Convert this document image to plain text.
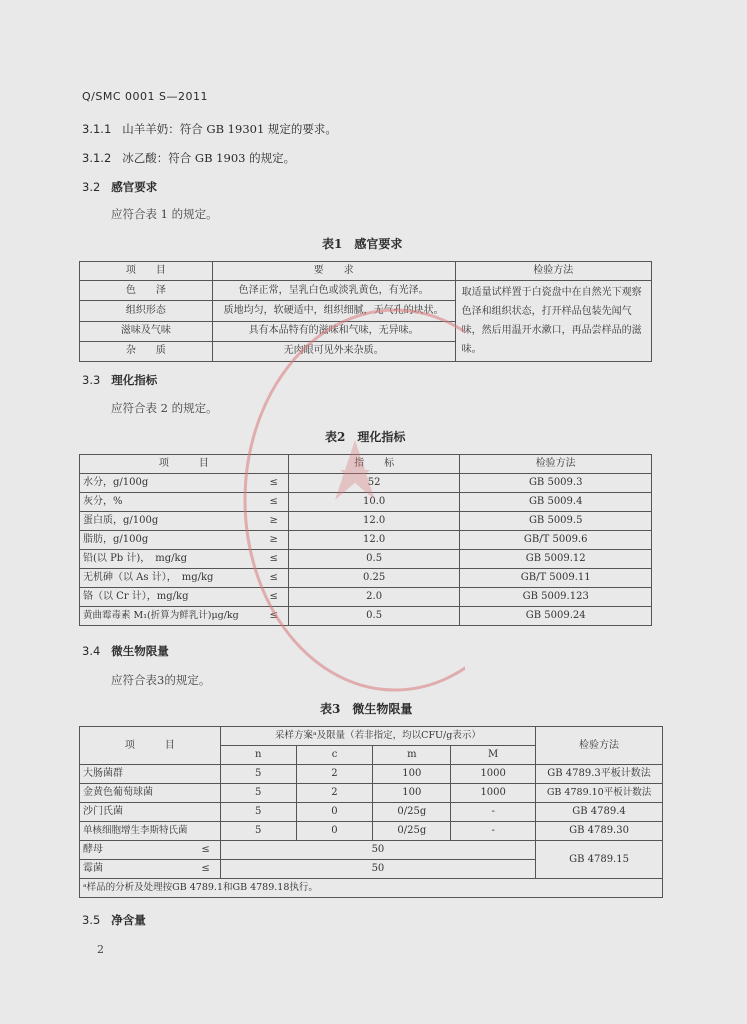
Q/SMC 0001 S—2011
3.1.1 山羊羊奶：符合 GB 19301 规定的要求。
3.1.2 冰乙酸：符合 GB 1903 的规定。
3.2 感官要求
应符合表 1 的规定。
表1　感官要求
项　　目	要　　求	检验方法
色　　泽	色泽正常，呈乳白色或淡乳黄色，有光泽。	取适量试样置于白瓷盘中在自然光下观察色泽和组织状态，打开样品包装先闻气味，然后用温开水漱口，再品尝样品的滋味。
组织形态	质地均匀，软硬适中，组织细腻，无气孔的块状。	
滋味及气味	具有本品特有的滋味和气味，无异味。	
杂　　质	无肉眼可见外来杂质。	
3.3 理化指标
应符合表 2 的规定。
表2　理化指标
项　　　目		指　　标	检验方法
水分，g/100g	≤	52	GB 5009.3
灰分，%	≤	10.0	GB 5009.4
蛋白质，g/100g	≥	12.0	GB 5009.5
脂肪，g/100g	≥	12.0	GB/T 5009.6
铅(以 Pb 计)，　mg/kg	≤	0.5	GB 5009.12
无机砷（以 As 计），　mg/kg	≤	0.25	GB/T 5009.11
铬（以 Cr 计），mg/kg	≤	2.0	GB 5009.123
黄曲霉毒素 M₁(折算为鲜乳计)μg/kg	≤	0.5	GB 5009.24
3.4 微生物限量
应符合表3的规定。
表3　微生物限量
项　　　目		采样方案ᵃ及限量（若非指定，均以CFU/g表示）				检验方法
		n	c	m	M	
大肠菌群		5	2	100	1000	GB 4789.3平板计数法
金黄色葡萄球菌		5	2	100	1000	GB 4789.10平板计数法
沙门氏菌		5	0	0/25g	-	GB 4789.4
单核细胞增生李斯特氏菌		5	0	0/25g	-	GB 4789.30
酵母	≤	50				GB 4789.15
霉菌	≤	50				
ᵃ样品的分析及处理按GB 4789.1和GB 4789.18执行。						
3.5 净含量
2
